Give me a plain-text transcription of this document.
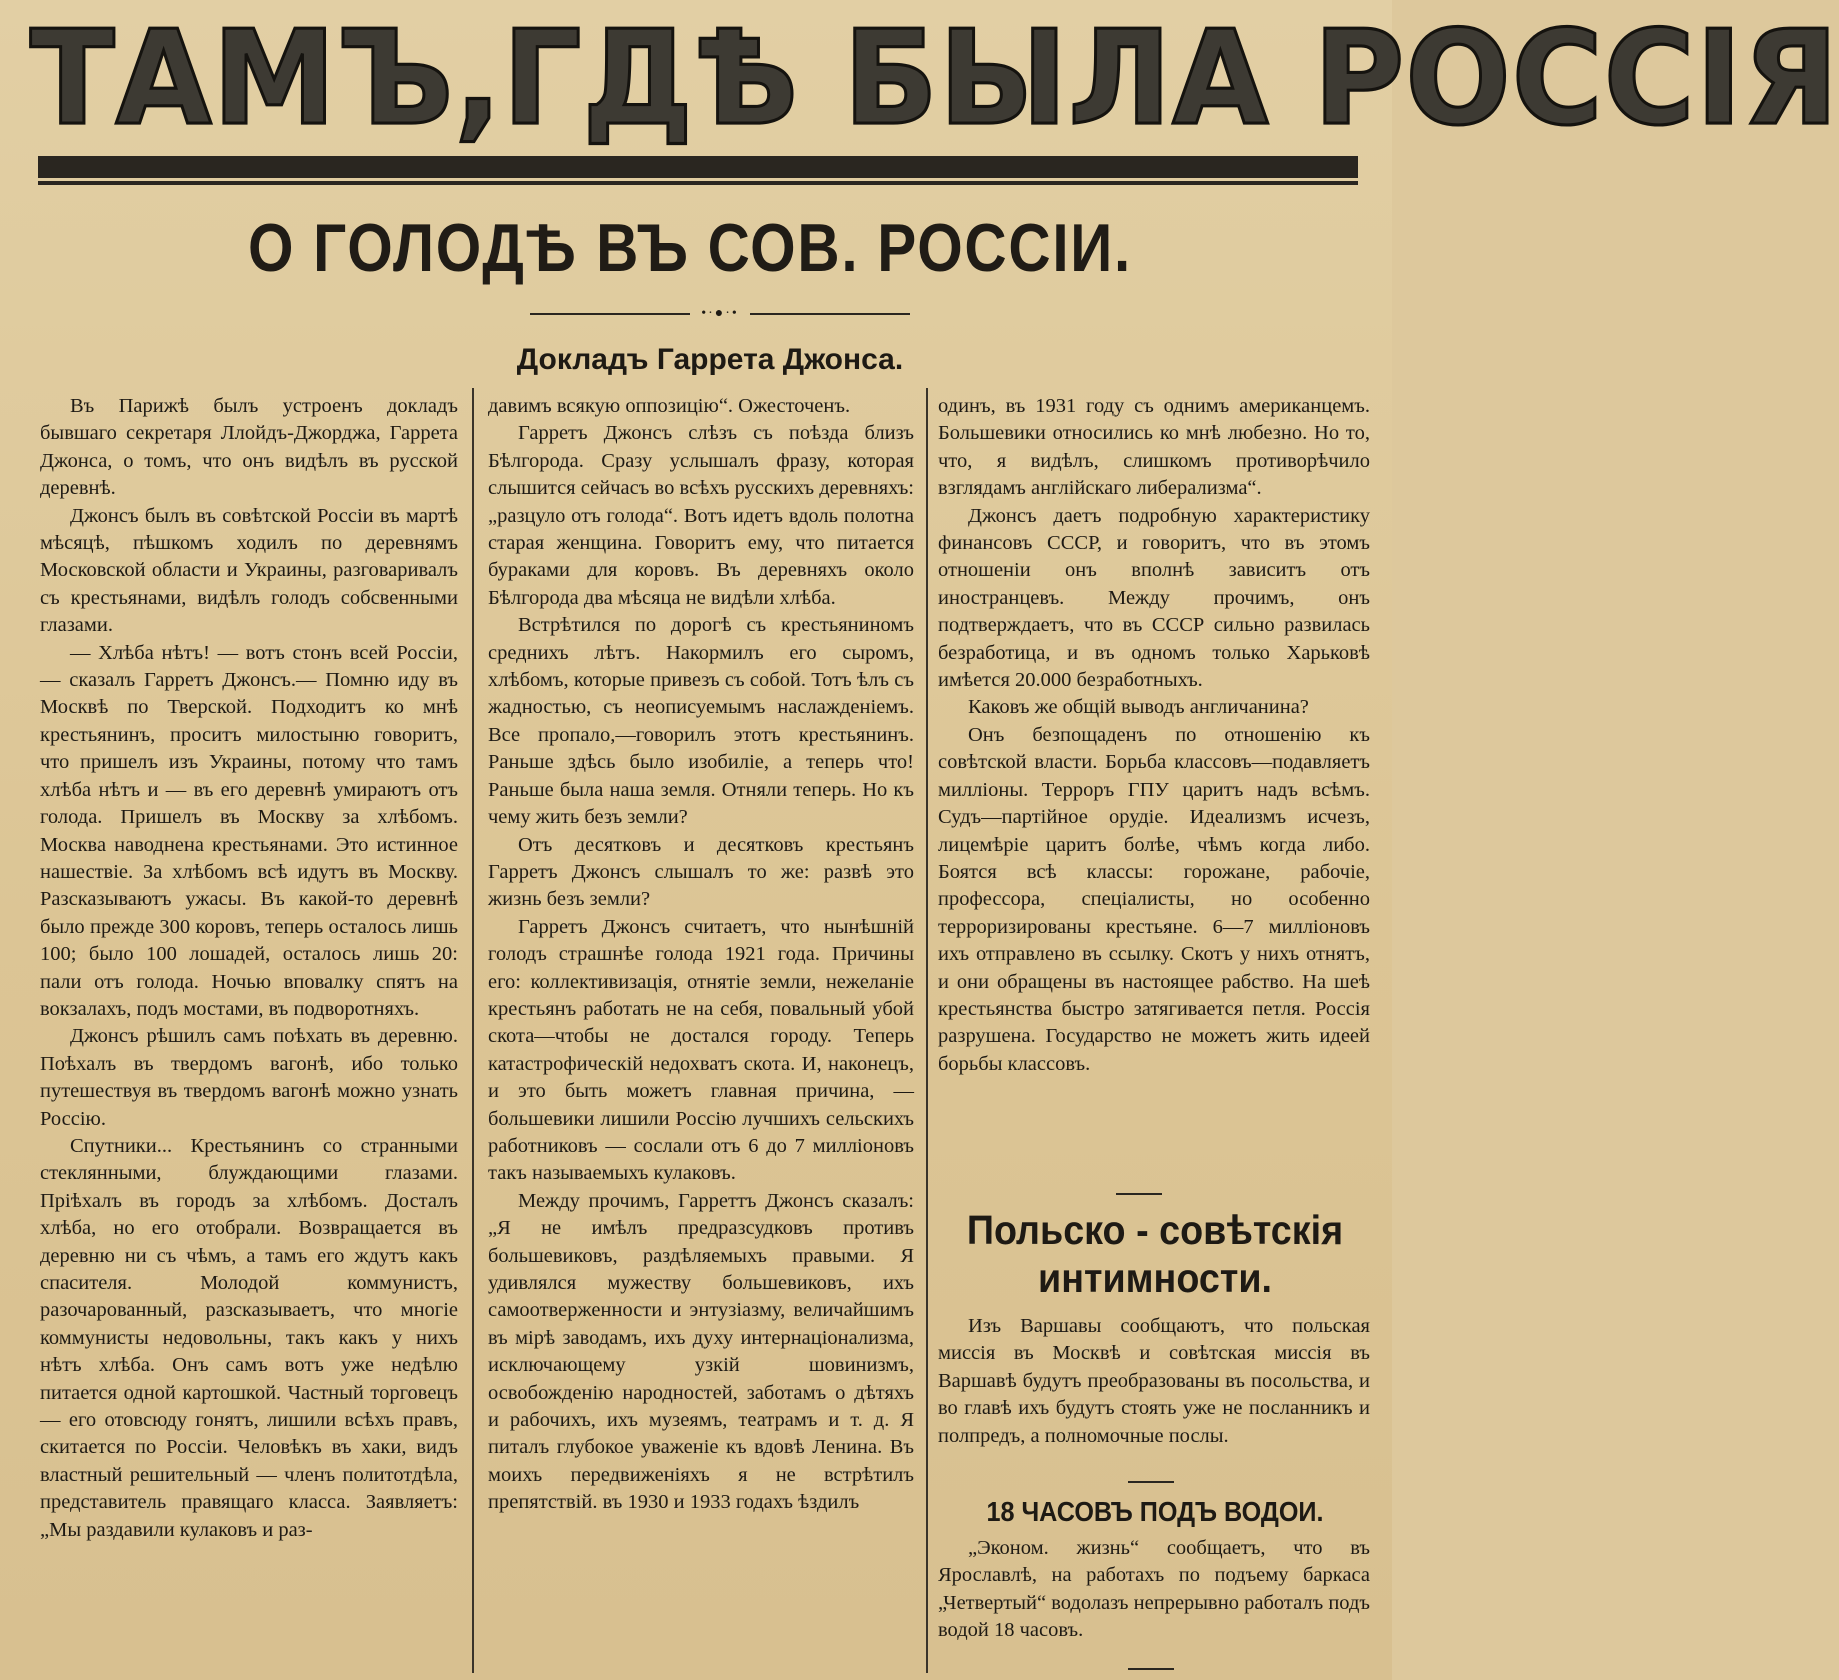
ТАМЪ,ГДѢ БЫЛА РОССІЯ
О ГОЛОДѢ ВЪ СОВ. РОССІИ.
•·●·•
Докладъ Гаррета Джонса.

Въ Парижѣ былъ устроенъ докладъ бывшаго секретаря Ллойдъ-Джорджа, Гаррета Джонса, о томъ, что онъ видѣлъ въ русской деревнѣ.

Джонсъ былъ въ совѣтской Россіи въ мартѣ мѣсяцѣ, пѣшкомъ ходилъ по деревнямъ Московской области и Украины, разговаривалъ съ крестьянами, видѣлъ голодъ собсвенными глазами.

— Хлѣба нѣтъ! — вотъ стонъ всей Россіи, — сказалъ Гарретъ Джонсъ.— Помню иду въ Москвѣ по Тверской. Подходитъ ко мнѣ крестьянинъ, проситъ милостыню говоритъ, что пришелъ изъ Украины, потому что тамъ хлѣба нѣтъ и — въ его деревнѣ умираютъ отъ голода. Пришелъ въ Москву за хлѣбомъ. Москва наводнена крестьянами. Это истинное нашествіе. За хлѣбомъ всѣ идутъ въ Москву. Разсказываютъ ужасы. Въ какой-то деревнѣ было прежде 300 коровъ, теперь осталось лишь 100; было 100 лошадей, осталось лишь 20: пали отъ голода. Ночью вповалку спятъ на вокзалахъ, подъ мостами, въ подворотняхъ.

Джонсъ рѣшилъ самъ поѣхать въ деревню. Поѣхалъ въ твердомъ вагонѣ, ибо только путешествуя въ твердомъ вагонѣ можно узнать Россію.

Спутники... Крестьянинъ со странными стеклянными, блуждающими глазами. Пріѣхалъ въ городъ за хлѣбомъ. Досталъ хлѣба, но его отобрали. Возвращается въ деревню ни съ чѣмъ, а тамъ его ждутъ какъ спасителя. Молодой коммунистъ, разочарованный, разсказываетъ, что многіе коммунисты недовольны, такъ какъ у нихъ нѣтъ хлѣба. Онъ самъ вотъ уже недѣлю питается одной картошкой. Частный торговецъ — его отовсюду гонятъ, лишили всѣхъ правъ, скитается по Россіи. Человѣкъ въ хаки, видъ властный решительный — членъ политотдѣла, представитель правящаго класса. Заявляетъ: „Мы раздавили кулаковъ и раз-

давимъ всякую оппозицію“. Ожесточенъ.

Гарретъ Джонсъ слѣзъ съ поѣзда близъ Бѣлгорода. Сразу услышалъ фразу, которая слышится сейчасъ во всѣхъ русскихъ деревняхъ: „разцуло отъ голода“. Вотъ идетъ вдоль полотна старая женщина. Говоритъ ему, что питается бураками для коровъ. Въ деревняхъ около Бѣлгорода два мѣсяца не видѣли хлѣба.

Встрѣтился по дорогѣ съ крестьяниномъ среднихъ лѣтъ. Накормилъ его сыромъ, хлѣбомъ, которые привезъ съ собой. Тотъ ѣлъ съ жадностью, съ неописуемымъ наслажденіемъ. Все пропало,—говорилъ этотъ крестьянинъ. Раньше здѣсь было изобиліе, а теперь что! Раньше была наша земля. Отняли теперь. Но къ чему жить безъ земли?

Отъ десятковъ и десятковъ крестьянъ Гарретъ Джонсъ слышалъ то же: развѣ это жизнь безъ земли?

Гарретъ Джонсъ считаетъ, что нынѣшній голодъ страшнѣе голода 1921 года. Причины его: коллективизація, отнятіе земли, нежеланіе крестьянъ работать не на себя, повальный убой скота—чтобы не достался городу. Теперь катастрофическій недохватъ скота. И, наконецъ, и это быть можетъ главная причина, — большевики лишили Россію лучшихъ сельскихъ работниковъ — сослали отъ 6 до 7 милліоновъ такъ называемыхъ кулаковъ.

Между прочимъ, Гарреттъ Джонсъ сказалъ: „Я не имѣлъ предразсудковъ противъ большевиковъ, раздѣляемыхъ правыми. Я удивлялся мужеству большевиковъ, ихъ самоотверженности и энтузіазму, величайшимъ въ мірѣ заводамъ, ихъ духу интернаціонализма, исключающему узкій шовинизмъ, освобожденію народностей, заботамъ о дѣтяхъ и рабочихъ, ихъ музеямъ, театрамъ и т. д. Я питалъ глубокое уваженіе къ вдовѣ Ленина. Въ моихъ передвиженіяхъ я не встрѣтилъ препятствій. въ 1930 и 1933 годахъ ѣздилъ

одинъ, въ 1931 году съ однимъ американцемъ. Большевики относились ко мнѣ любезно. Но то, что, я видѣлъ, слишкомъ противорѣчило взглядамъ англійскаго либерализма“.

Джонсъ даетъ подробную характеристику финансовъ СССР, и говоритъ, что въ этомъ отношеніи онъ вполнѣ зависитъ отъ иностранцевъ. Между прочимъ, онъ подтверждаетъ, что въ СССР сильно развилась безработица, и въ одномъ только Харьковѣ имѣется 20.000 безработныхъ.

Каковъ же общій выводъ англичанина?

Онъ безпощаденъ по отношенію къ совѣтской власти. Борьба классовъ—подавляетъ милліоны. Терроръ ГПУ царитъ надъ всѣмъ. Судъ—партійное орудіе. Идеализмъ исчезъ, лицемѣріе царитъ болѣе, чѣмъ когда либо. Боятся всѣ классы: горожане, рабочіе, профессора, спеціалисты, но особенно терроризированы крестьяне. 6—7 милліоновъ ихъ отправлено въ ссылку. Скотъ у нихъ отнятъ, и они обращены въ настоящее рабство. На шеѣ крестьянства быстро затягивается петля. Россія разрушена. Государство не можетъ жить идеей борьбы классовъ.

Польско - совѣтскія
интимности.

Изъ Варшавы сообщаютъ, что польская миссія въ Москвѣ и совѣтская миссія въ Варшавѣ будутъ преобразованы въ посольства, и во главѣ ихъ будутъ стоять уже не посланникъ и полпредъ, а полномочные послы.

18 ЧАСОВЪ ПОДЪ ВОДОИ.

„Эконом. жизнь“ сообщаетъ, что въ Ярославлѣ, на работахъ по подъему баркаса „Четвертый“ водолазъ непрерывно работалъ подъ водой 18 часовъ.
